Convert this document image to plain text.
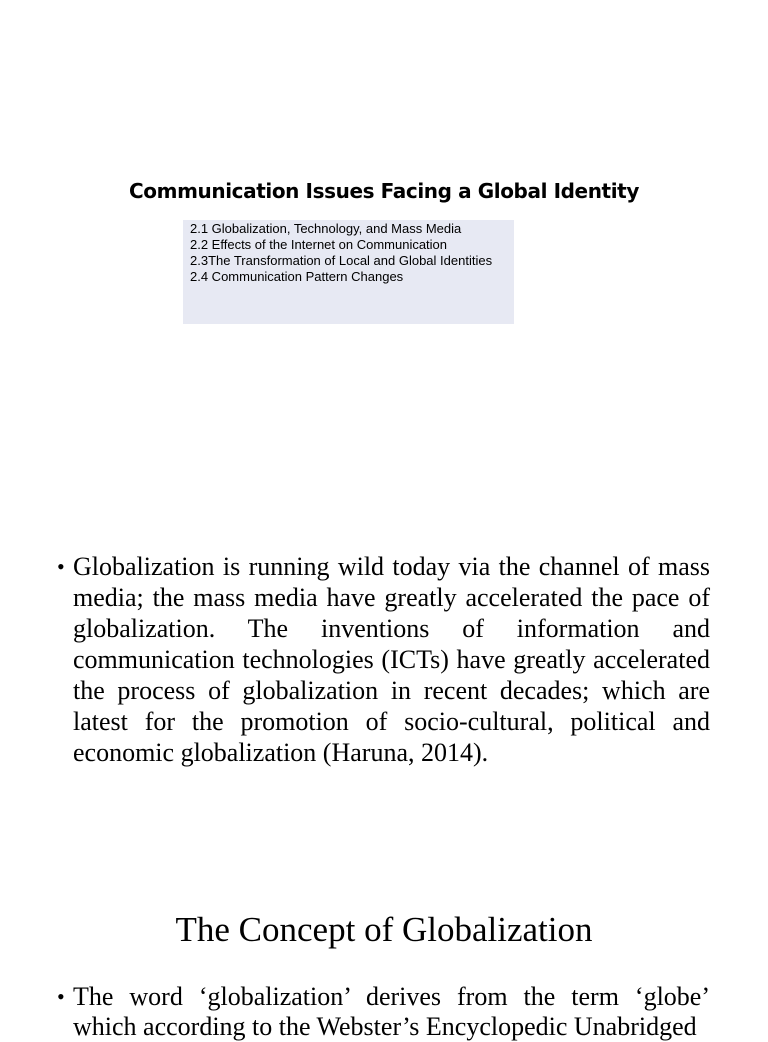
Communication Issues Facing a Global Identity
2.1 Globalization, Technology, and Mass Media
2.2 Effects of the Internet on Communication
2.3The Transformation of Local and Global Identities
2.4 Communication Pattern Changes
• Globalization is running wild today via the channel of mass media; the mass media have greatly accelerated the pace of globalization. The inventions of information and communication technologies (ICTs) have greatly accelerated the process of globalization in recent decades; which are latest for the promotion of socio-cultural, political and economic globalization (Haruna, 2014).
The Concept of Globalization
• The word ‘globalization’ derives from the term ‘globe’ which according to the Webster’s Encyclopedic Unabridged
